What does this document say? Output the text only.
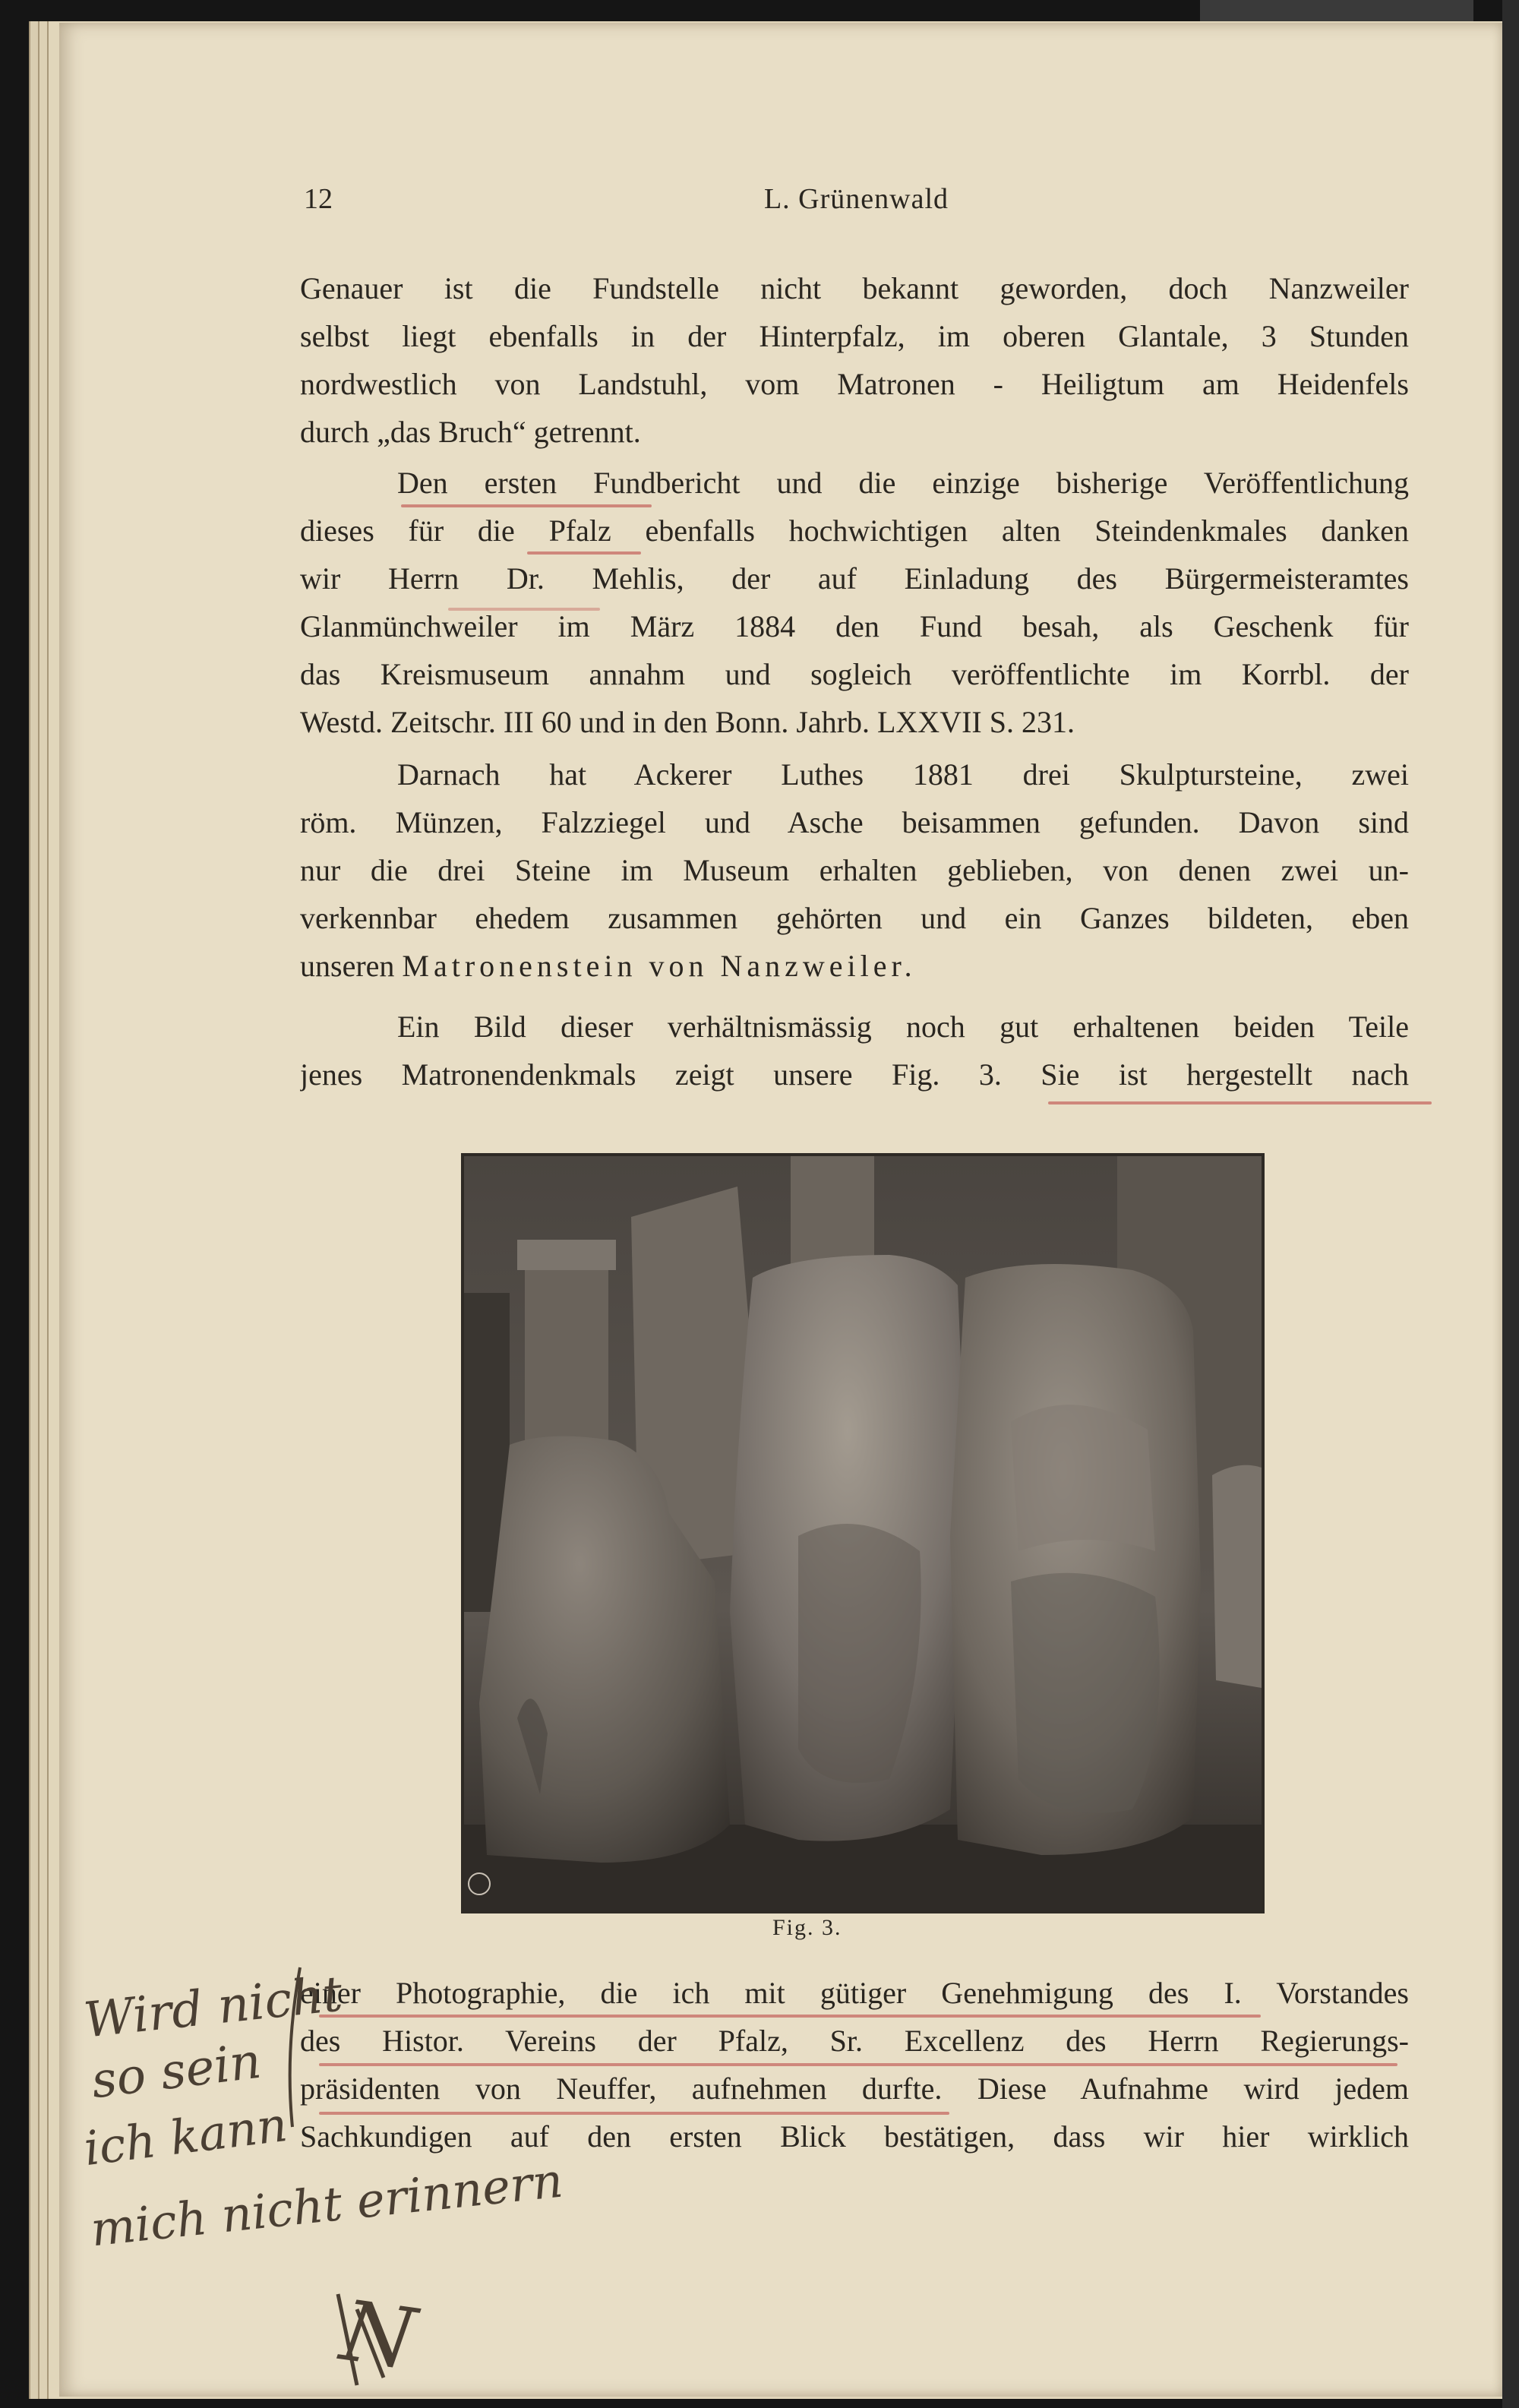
12	L. Grünenwald
Genauer ist die Fundstelle nicht bekannt geworden, doch Nanzweiler
selbst liegt ebenfalls in der Hinterpfalz, im oberen Glantale, 3 Stunden
nordwestlich von Landstuhl, vom Matronen - Heiligtum am Heidenfels
durch „das Bruch“ getrennt.
Den ersten Fundbericht und die einzige bisherige Veröffentlichung
dieses für die Pfalz ebenfalls hochwichtigen alten Steindenkmales danken
wir Herrn Dr. Mehlis, der auf Einladung des Bürgermeisteramtes
Glanmünchweiler im März 1884 den Fund besah, als Geschenk für
das Kreismuseum annahm und sogleich veröffentlichte im Korrbl. der
Westd. Zeitschr. III 60 und in den Bonn. Jahrb. LXXVII S. 231.
Darnach hat Ackerer Luthes 1881 drei Skulptursteine, zwei
röm. Münzen, Falzziegel und Asche beisammen gefunden. Davon sind
nur die drei Steine im Museum erhalten geblieben, von denen zwei un-
verkennbar ehedem zusammen gehörten und ein Ganzes bildeten, eben
unseren Matronenstein von Nanzweiler.
Ein Bild dieser verhältnismässig noch gut erhaltenen beiden Teile
jenes Matronendenkmals zeigt unsere Fig. 3. Sie ist hergestellt nach
Fig. 3.
einer Photographie, die ich mit gütiger Genehmigung des I. Vorstandes
des Histor. Vereins der Pfalz, Sr. Excellenz des Herrn Regierungs-
präsidenten von Neuffer, aufnehmen durfte. Diese Aufnahme wird jedem
Sachkundigen auf den ersten Blick bestätigen, dass wir hier wirklich
Wird nicht
so sein
ich kann
mich nicht erinnern
N
